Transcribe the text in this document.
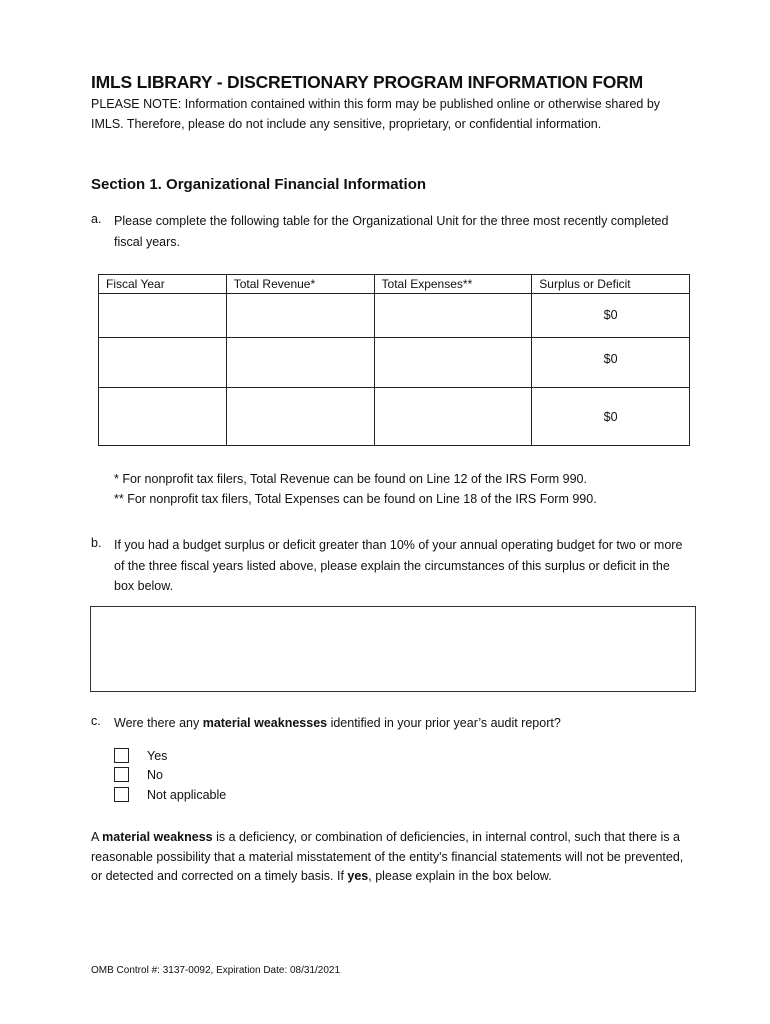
IMLS LIBRARY - DISCRETIONARY PROGRAM INFORMATION FORM
PLEASE NOTE: Information contained within this form may be published online or otherwise shared by IMLS. Therefore, please do not include any sensitive, proprietary, or confidential information.
Section 1. Organizational Financial Information
a. Please complete the following table for the Organizational Unit for the three most recently completed fiscal years.
Fiscal Year	Total Revenue*	Total Expenses**	Surplus or Deficit
			$0
			$0
			$0
* For nonprofit tax filers, Total Revenue can be found on Line 12 of the IRS Form 990.
** For nonprofit tax filers, Total Expenses can be found on Line 18 of the IRS Form 990.
b. If you had a budget surplus or deficit greater than 10% of your annual operating budget for two or more of the three fiscal years listed above, please explain the circumstances of this surplus or deficit in the box below.
c. Were there any material weaknesses identified in your prior year’s audit report?
Yes
No
Not applicable
A material weakness is a deficiency, or combination of deficiencies, in internal control, such that there is a reasonable possibility that a material misstatement of the entity's financial statements will not be prevented, or detected and corrected on a timely basis. If yes, please explain in the box below.
OMB Control #: 3137-0092, Expiration Date: 08/31/2021
